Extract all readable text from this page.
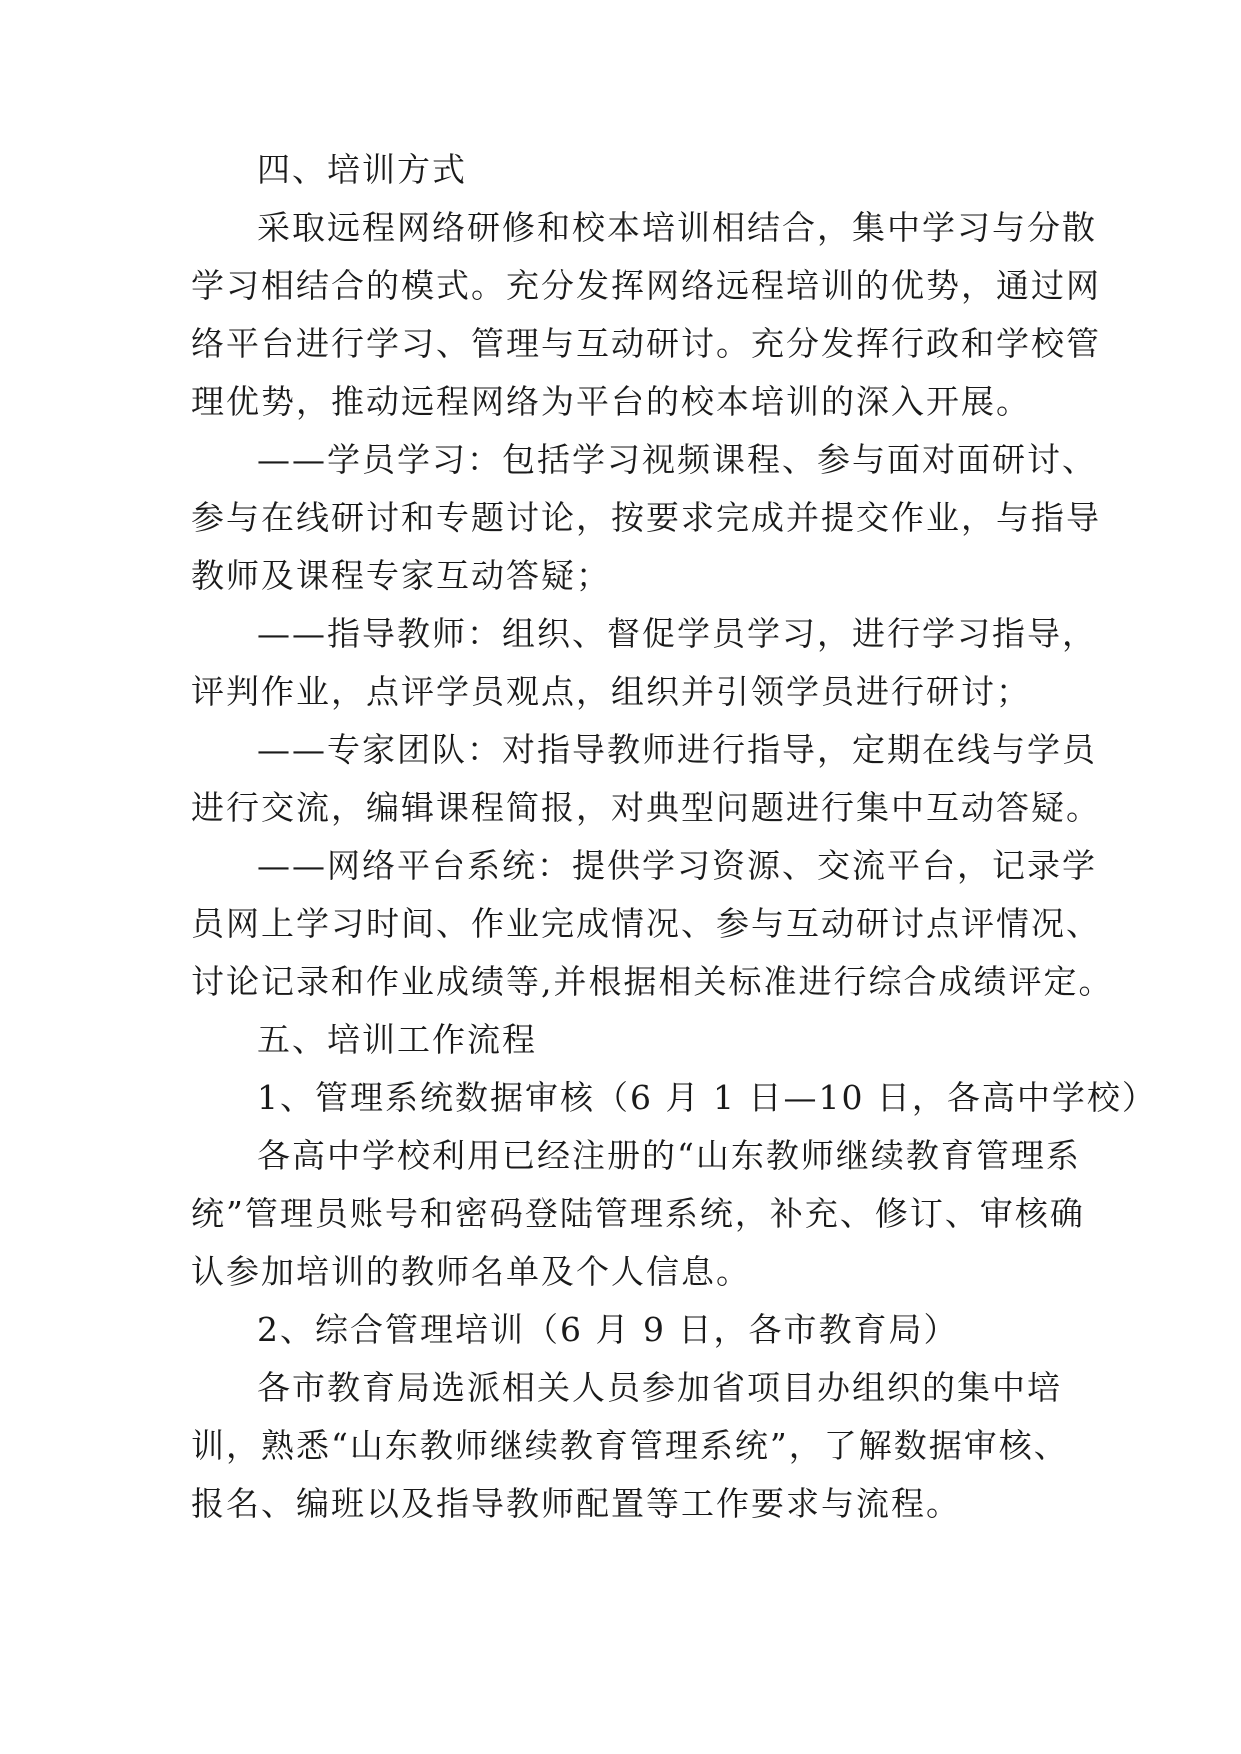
四、培训方式
采取远程网络研修和校本培训相结合，集中学习与分散
学习相结合的模式。充分发挥网络远程培训的优势，通过网
络平台进行学习、管理与互动研讨。充分发挥行政和学校管
理优势，推动远程网络为平台的校本培训的深入开展。
——学员学习：包括学习视频课程、参与面对面研讨、
参与在线研讨和专题讨论，按要求完成并提交作业，与指导
教师及课程专家互动答疑；
——指导教师：组织、督促学员学习，进行学习指导，
评判作业，点评学员观点，组织并引领学员进行研讨；
——专家团队：对指导教师进行指导，定期在线与学员
进行交流，编辑课程简报，对典型问题进行集中互动答疑。
——网络平台系统：提供学习资源、交流平台，记录学
员网上学习时间、作业完成情况、参与互动研讨点评情况、
讨论记录和作业成绩等,并根据相关标准进行综合成绩评定。
五、培训工作流程
1、管理系统数据审核（6 月 1 日—10 日，各高中学校）
各高中学校利用已经注册的“山东教师继续教育管理系
统”管理员账号和密码登陆管理系统，补充、修订、审核确
认参加培训的教师名单及个人信息。
2、综合管理培训（6 月 9 日，各市教育局）
各市教育局选派相关人员参加省项目办组织的集中培
训，熟悉“山东教师继续教育管理系统”，了解数据审核、
报名、编班以及指导教师配置等工作要求与流程。
